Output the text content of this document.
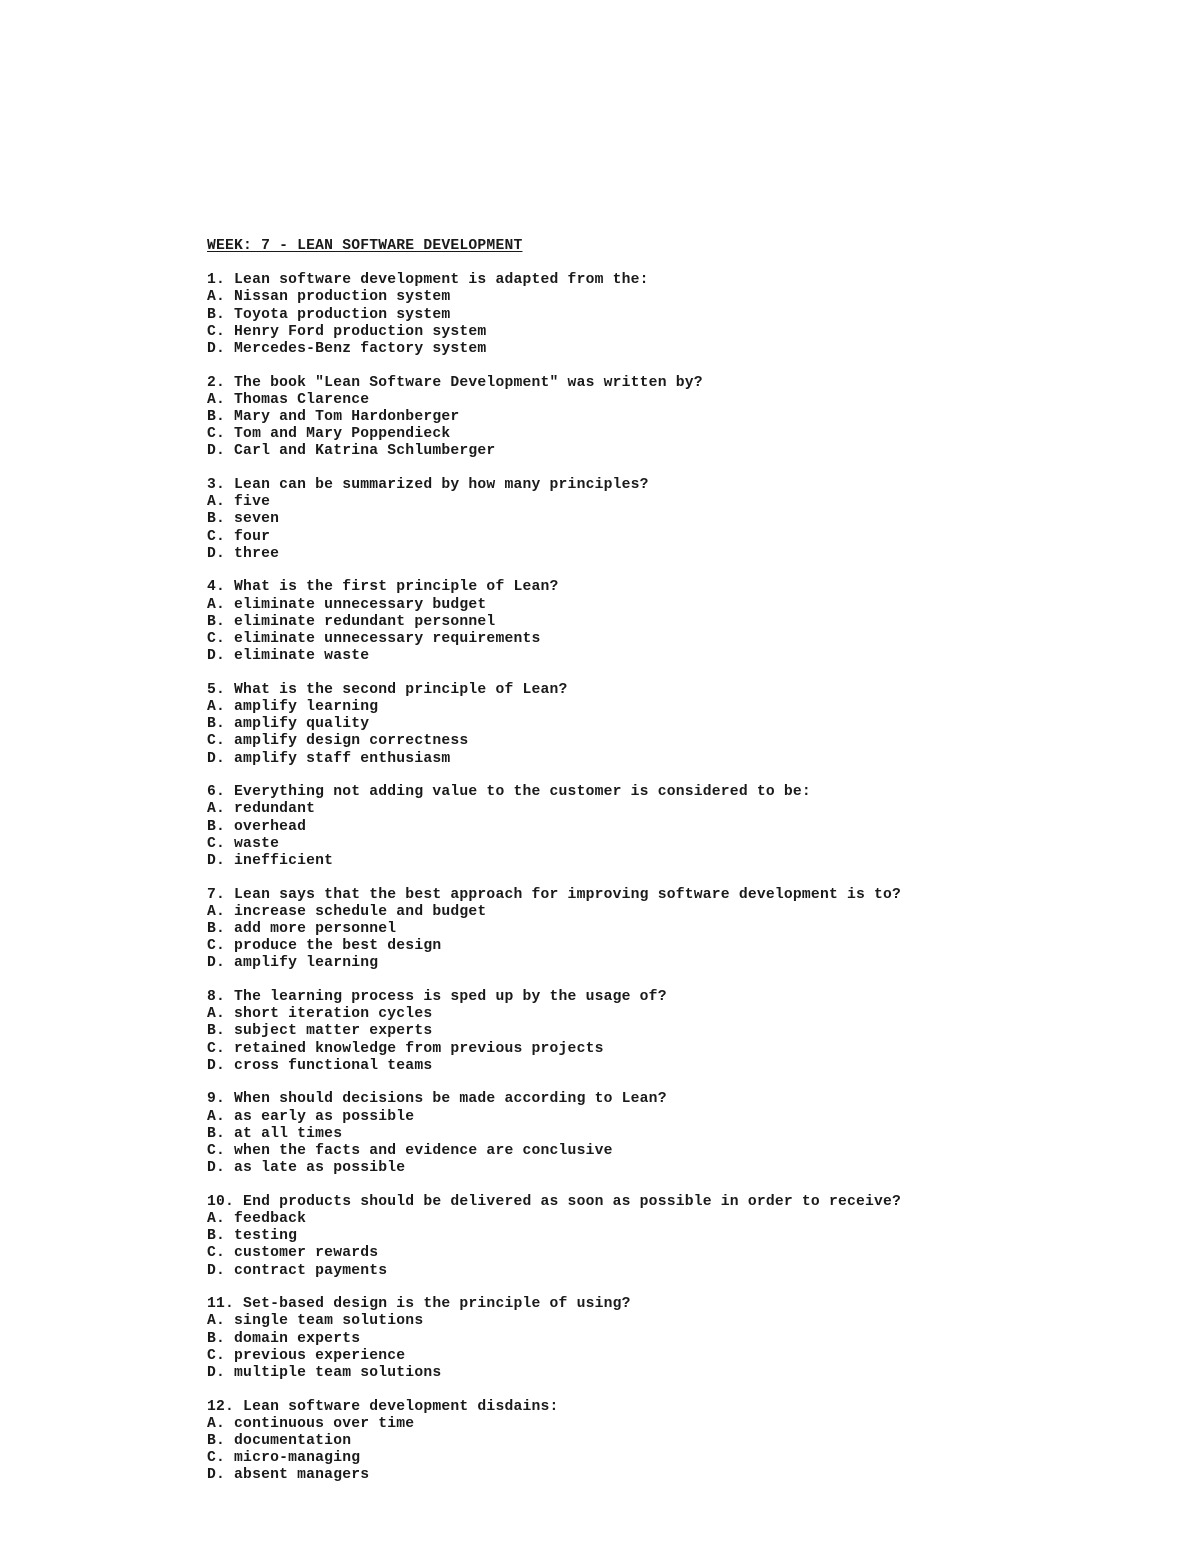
WEEK: 7 - LEAN SOFTWARE DEVELOPMENT
1. Lean software development is adapted from the:
A. Nissan production system
B. Toyota production system
C. Henry Ford production system
D. Mercedes-Benz factory system
2. The book "Lean Software Development" was written by?
A. Thomas Clarence
B. Mary and Tom Hardonberger
C. Tom and Mary Poppendieck
D. Carl and Katrina Schlumberger
3. Lean can be summarized by how many principles?
A. five
B. seven
C. four
D. three
4. What is the first principle of Lean?
A. eliminate unnecessary budget
B. eliminate redundant personnel
C. eliminate unnecessary requirements
D. eliminate waste
5. What is the second principle of Lean?
A. amplify learning
B. amplify quality
C. amplify design correctness
D. amplify staff enthusiasm
6. Everything not adding value to the customer is considered to be:
A. redundant
B. overhead
C. waste
D. inefficient
7. Lean says that the best approach for improving software development is to?
A. increase schedule and budget
B. add more personnel
C. produce the best design
D. amplify learning
8. The learning process is sped up by the usage of?
A. short iteration cycles
B. subject matter experts
C. retained knowledge from previous projects
D. cross functional teams
9. When should decisions be made according to Lean?
A. as early as possible
B. at all times
C. when the facts and evidence are conclusive
D. as late as possible
10. End products should be delivered as soon as possible in order to receive?
A. feedback
B. testing
C. customer rewards
D. contract payments
11. Set-based design is the principle of using?
A. single team solutions
B. domain experts
C. previous experience
D. multiple team solutions
12. Lean software development disdains:
A. continuous over time
B. documentation
C. micro-managing
D. absent managers
